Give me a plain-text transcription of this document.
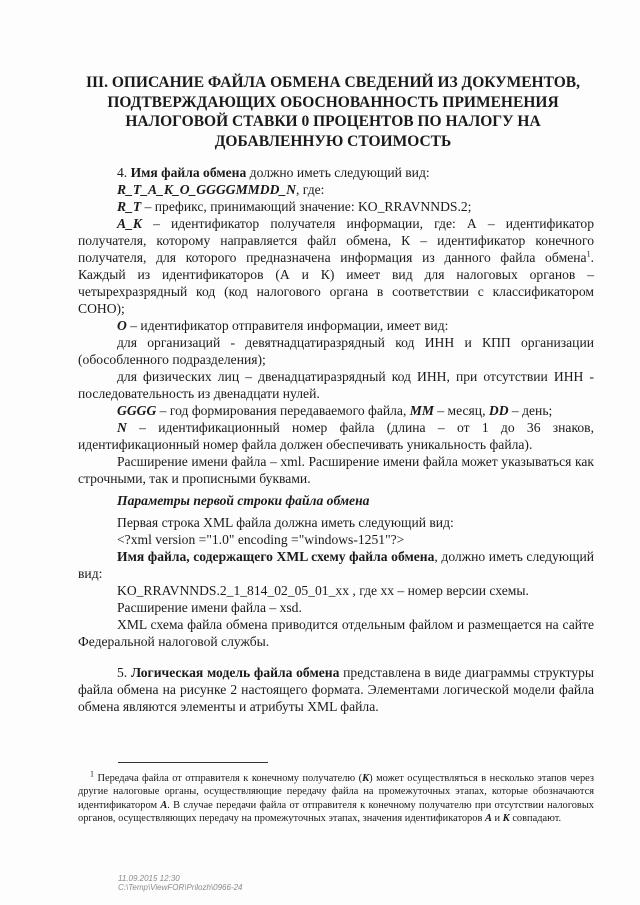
III. ОПИСАНИЕ ФАЙЛА ОБМЕНА СВЕДЕНИЙ ИЗ ДОКУМЕНТОВ,
ПОДТВЕРЖДАЮЩИХ ОБОСНОВАННОСТЬ ПРИМЕНЕНИЯ
НАЛОГОВОЙ СТАВКИ 0 ПРОЦЕНТОВ ПО НАЛОГУ НА
ДОБАВЛЕННУЮ СТОИМОСТЬ

4. Имя файла обмена должно иметь следующий вид:

R_T_A_K_O_GGGGMMDD_N, где:

R_T – префикс, принимающий значение: KO_RRAVNNDS.2;

A_K – идентификатор получателя информации, где: А – идентификатор получателя, которому направляется файл обмена, К – идентификатор конечного получателя, для которого предназначена информация из данного файла обмена$^1$. Каждый из идентификаторов (А и К) имеет вид для налоговых органов – четырехразрядный код (код налогового органа в соответствии с классификатором СОНО);

O – идентификатор отправителя информации, имеет вид:

для организаций - девятнадцатиразрядный код ИНН и КПП организации (обособленного подразделения);

для физических лиц – двенадцатиразрядный код ИНН, при отсутствии ИНН - последовательность из двенадцати нулей.

GGGG – год формирования передаваемого файла, MM – месяц, DD – день;

N – идентификационный номер файла (длина – от 1 до 36 знаков, идентификационный номер файла должен обеспечивать уникальность файла).

Расширение имени файла – xml. Расширение имени файла может указываться как строчными, так и прописными буквами.

Параметры первой строки файла обмена

Первая строка XML файла должна иметь следующий вид:

<?xml version ="1.0" encoding ="windows-1251"?>

Имя файла, содержащего XML схему файла обмена, должно иметь следующий вид:

KO_RRAVNNDS.2_1_814_02_05_01_xx , где хх – номер версии схемы.

Расширение имени файла – xsd.

XML схема файла обмена приводится отдельным файлом и размещается на сайте Федеральной налоговой службы.

5. Логическая модель файла обмена представлена в виде диаграммы структуры файла обмена на рисунке 2 настоящего формата. Элементами логической модели файла обмена являются элементы и атрибуты XML файла.

$^1$ Передача файла от отправителя к конечному получателю (К) может осуществляться в несколько этапов через другие налоговые органы, осуществляющие передачу файла на промежуточных этапах, которые обозначаются идентификатором А. В случае передачи файла от отправителя к конечному получателю при отсутствии налоговых органов, осуществляющих передачу на промежуточных этапах, значения идентификаторов А и К совпадают.

11.09.2015 12:30
C:\Temp\ViewFOR\Prilozh\0966-24
